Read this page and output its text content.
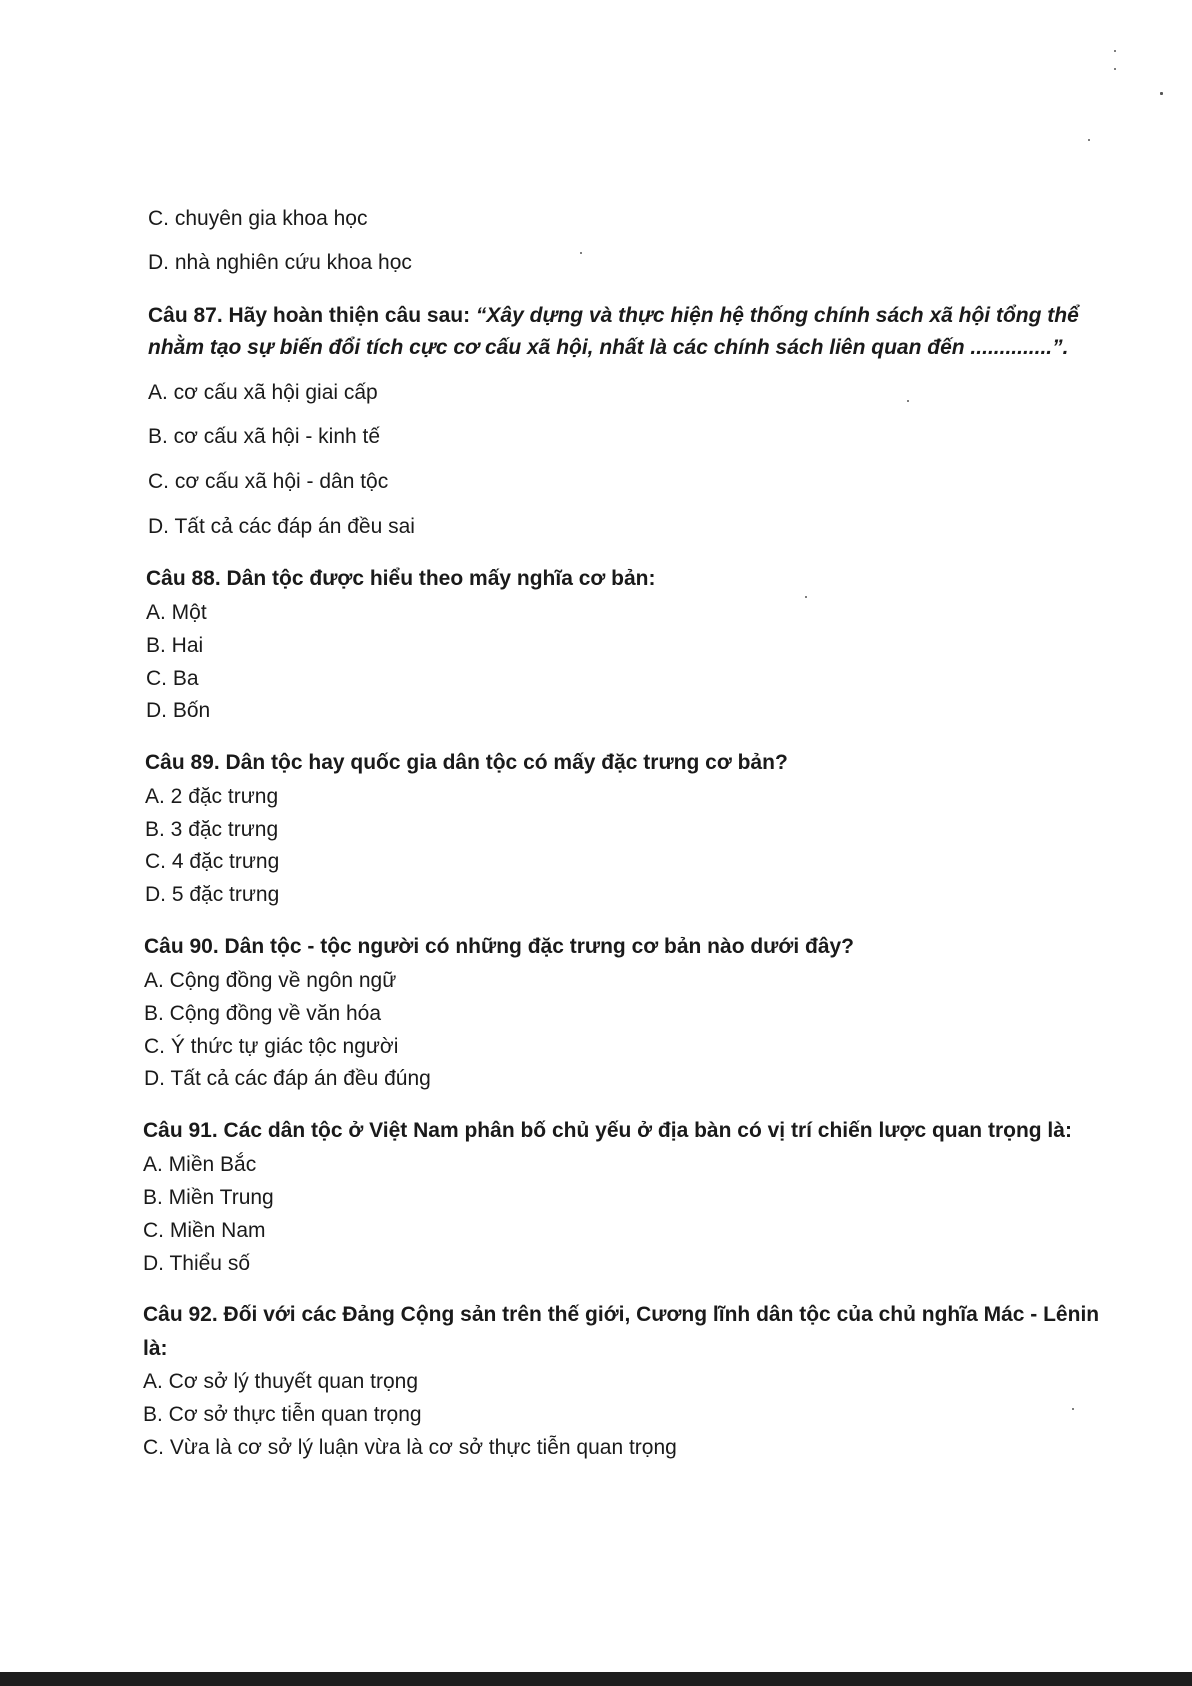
C. chuyên gia khoa học
D. nhà nghiên cứu khoa học
Câu 87. Hãy hoàn thiện câu sau: “Xây dựng và thực hiện hệ thống chính sách xã hội tổng thể
nhằm tạo sự biến đổi tích cực cơ cấu xã hội, nhất là các chính sách liên quan đến ..............”.
A. cơ cấu xã hội giai cấp
B. cơ cấu xã hội - kinh tế
C. cơ cấu xã hội - dân tộc
D. Tất cả các đáp án đều sai
Câu 88. Dân tộc được hiểu theo mấy nghĩa cơ bản:
A. Một
B. Hai
C. Ba
D. Bốn
Câu 89. Dân tộc hay quốc gia dân tộc có mấy đặc trưng cơ bản?
A. 2 đặc trưng
B. 3 đặc trưng
C. 4 đặc trưng
D. 5 đặc trưng
Câu 90. Dân tộc - tộc người có những đặc trưng cơ bản nào dưới đây?
A. Cộng đồng về ngôn ngữ
B. Cộng đồng về văn hóa
C. Ý thức tự giác tộc người
D. Tất cả các đáp án đều đúng
Câu 91. Các dân tộc ở Việt Nam phân bố chủ yếu ở địa bàn có vị trí chiến lược quan trọng là:
A. Miền Bắc
B. Miền Trung
C. Miền Nam
D. Thiểu số
Câu 92. Đối với các Đảng Cộng sản trên thế giới, Cương lĩnh dân tộc của chủ nghĩa Mác - Lênin
là:
A. Cơ sở lý thuyết quan trọng
B. Cơ sở thực tiễn quan trọng
C. Vừa là cơ sở lý luận vừa là cơ sở thực tiễn quan trọng
